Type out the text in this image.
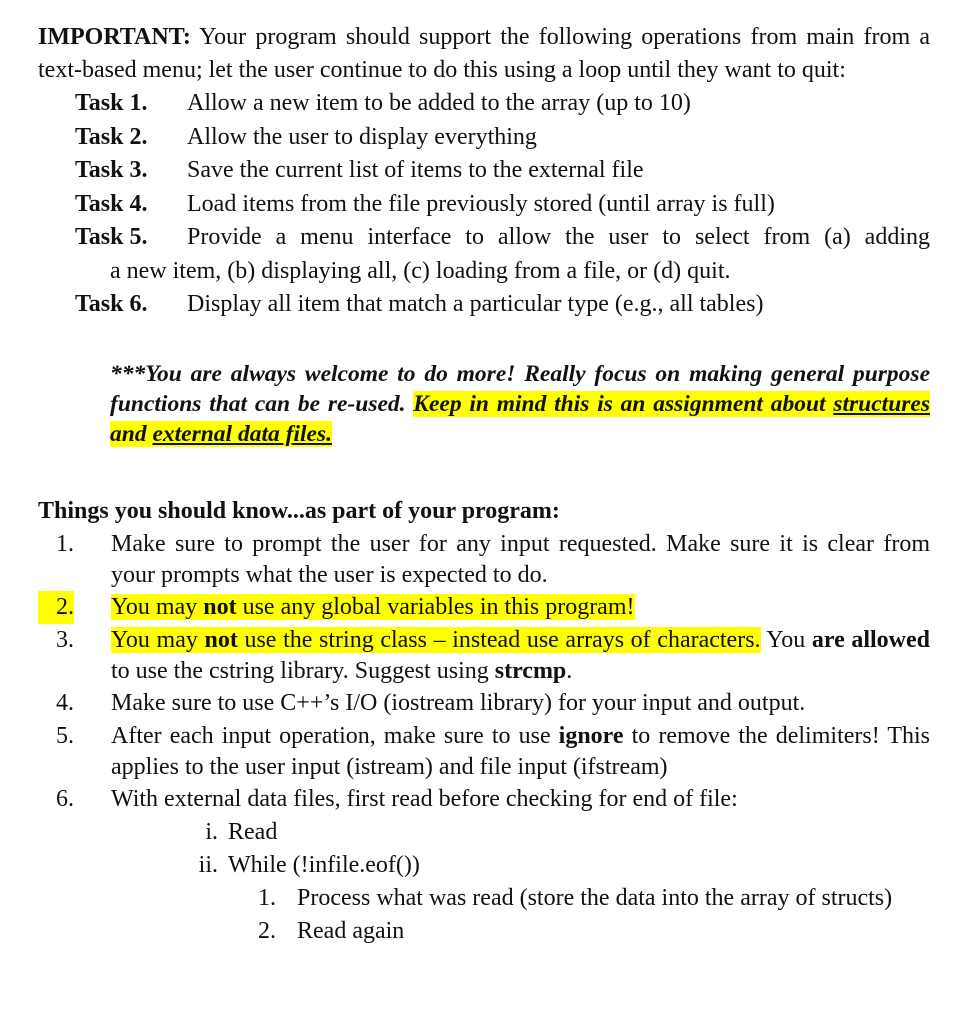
IMPORTANT: Your program should support the following operations from main from a text-based menu; let the user continue to do this using a loop until they want to quit:

Task 1.	Allow a new item to be added to the array (up to 10)
Task 2.	Allow the user to display everything
Task 3.	Save the current list of items to the external file
Task 4.	Load items from the file previously stored (until array is full)
Task 5.	Provide a menu interface to allow the user to select from (a) adding
a new item, (b) displaying all, (c) loading from a file, or (d) quit.
Task 6.	Display all item that match a particular type (e.g., all tables)
***You are always welcome to do more! Really focus on making general purpose functions that can be re-used. Keep in mind this is an assignment about structures and external data files.
Things you should know...as part of your program:
1. Make sure to prompt the user for any input requested. Make sure it is clear from your prompts what the user is expected to do.
2.	You may not use any global variables in this program!
3. You may not use the string class – instead use arrays of characters. You are allowed to use the cstring library. Suggest using strcmp.
4. Make sure to use C++’s I/O (iostream library) for your input and output.
5. After each input operation, make sure to use ignore to remove the delimiters! This applies to the user input (istream) and file input (ifstream)
6. With external data files, first read before checking for end of file:
i. Read
ii. While (!infile.eof())
1. Process what was read (store the data into the array of structs)
2. Read again
